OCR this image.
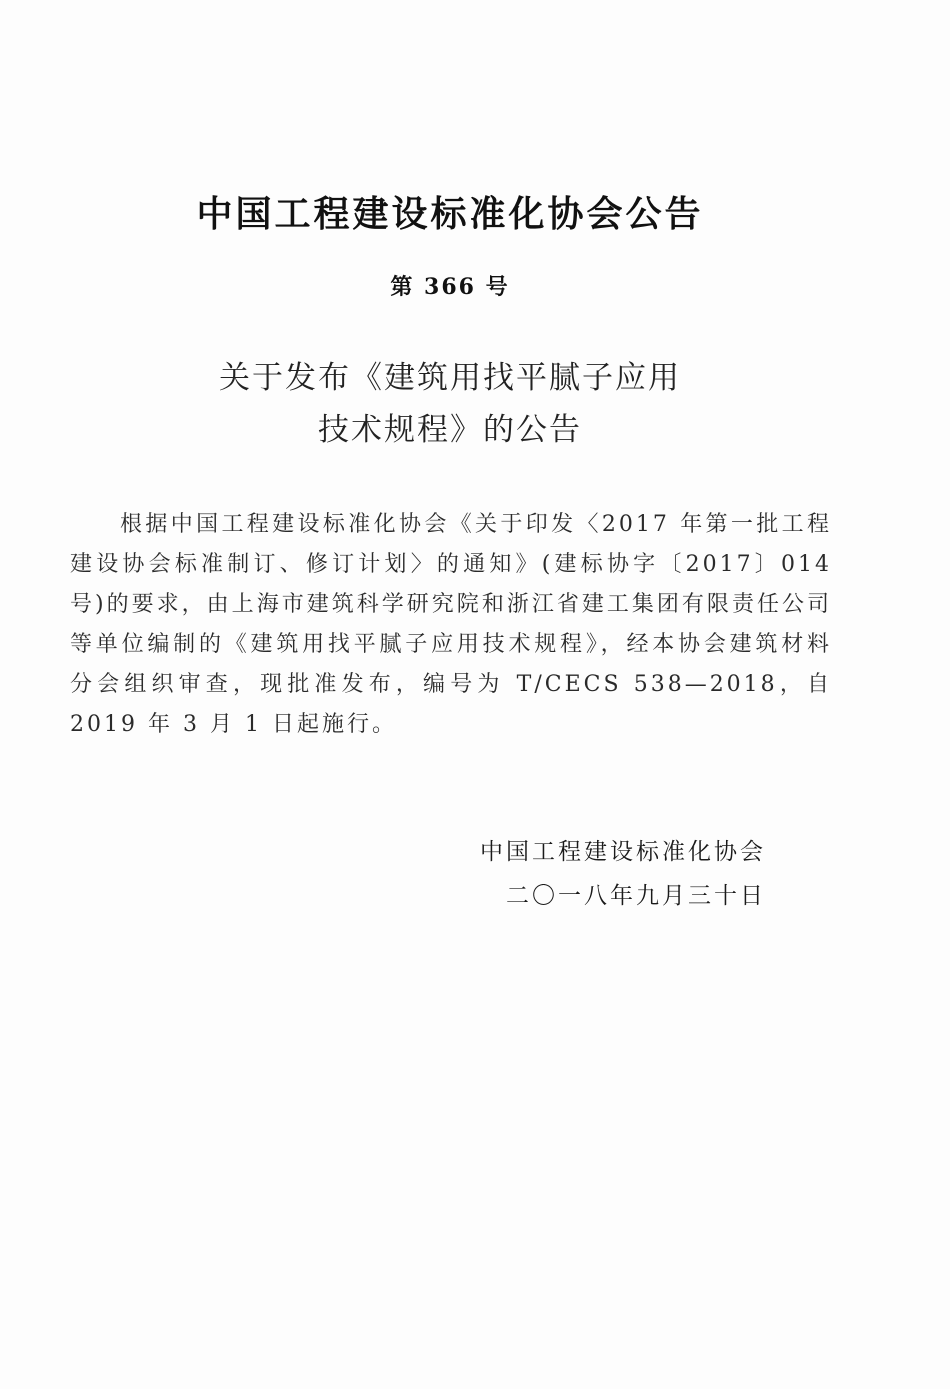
中国工程建设标准化协会公告
第 366 号
关于发布《建筑用找平腻子应用
技术规程》的公告

根据中国工程建设标准化协会《关于印发〈2017 年第一批工程建设协会标准制订、修订计划〉的通知》(建标协字〔2017〕014号)的要求，由上海市建筑科学研究院和浙江省建工集团有限责任公司等单位编制的《建筑用找平腻子应用技术规程》，经本协会建筑材料分会组织审查，现批准发布，编号为 T/CECS 538—2018，自 2019 年 3 月 1 日起施行。

中国工程建设标准化协会
二〇一八年九月三十日
